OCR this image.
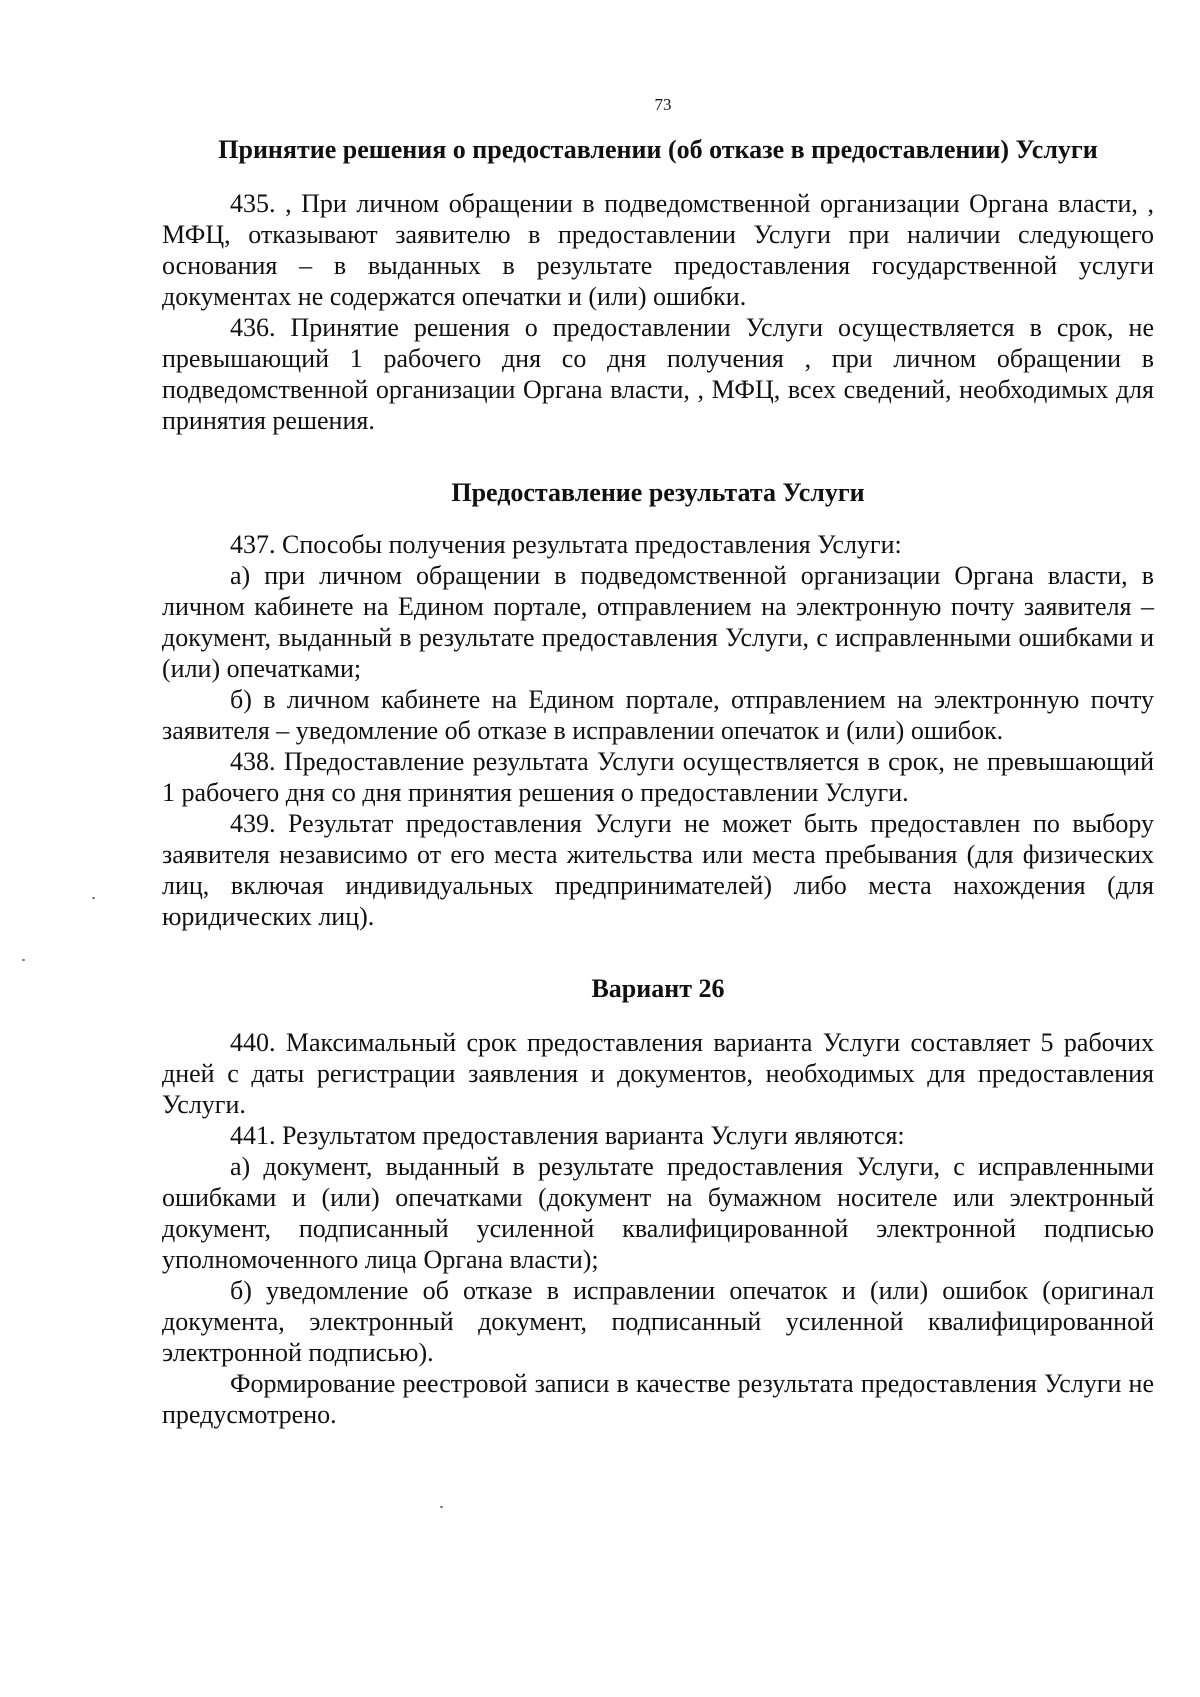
73
Принятие решения о предоставлении (об отказе в предоставлении) Услуги

435. , При личном обращении в подведомственной организации Органа власти, , МФЦ, отказывают заявителю в предоставлении Услуги при наличии следующего основания – в выданных в результате предоставления государственной услуги документах не содержатся опечатки и (или) ошибки.

436. Принятие решения о предоставлении Услуги осуществляется в срок, не превышающий 1 рабочего дня со дня получения , при личном обращении в подведомственной организации Органа власти, , МФЦ, всех сведений, необходимых для принятия решения.

Предоставление результата Услуги

437. Способы получения результата предоставления Услуги:

а) при личном обращении в подведомственной организации Органа власти, в личном кабинете на Едином портале, отправлением на электронную почту заявителя – документ, выданный в результате предоставления Услуги, с исправленными ошибками и (или) опечатками;

б) в личном кабинете на Едином портале, отправлением на электронную почту заявителя – уведомление об отказе в исправлении опечаток и (или) ошибок.

438. Предоставление результата Услуги осуществляется в срок, не превышающий 1 рабочего дня со дня принятия решения о предоставлении Услуги.

439. Результат предоставления Услуги не может быть предоставлен по выбору заявителя независимо от его места жительства или места пребывания (для физических лиц, включая индивидуальных предпринимателей) либо места нахождения (для юридических лиц).

Вариант 26

440. Максимальный срок предоставления варианта Услуги составляет 5 рабочих дней с даты регистрации заявления и документов, необходимых для предоставления Услуги.

441. Результатом предоставления варианта Услуги являются:

а) документ, выданный в результате предоставления Услуги, с исправленными ошибками и (или) опечатками (документ на бумажном носителе или электронный документ, подписанный усиленной квалифицированной электронной подписью уполномоченного лица Органа власти);

б) уведомление об отказе в исправлении опечаток и (или) ошибок (оригинал документа, электронный документ, подписанный усиленной квалифицированной электронной подписью).

Формирование реестровой записи в качестве результата предоставления Услуги не предусмотрено.
